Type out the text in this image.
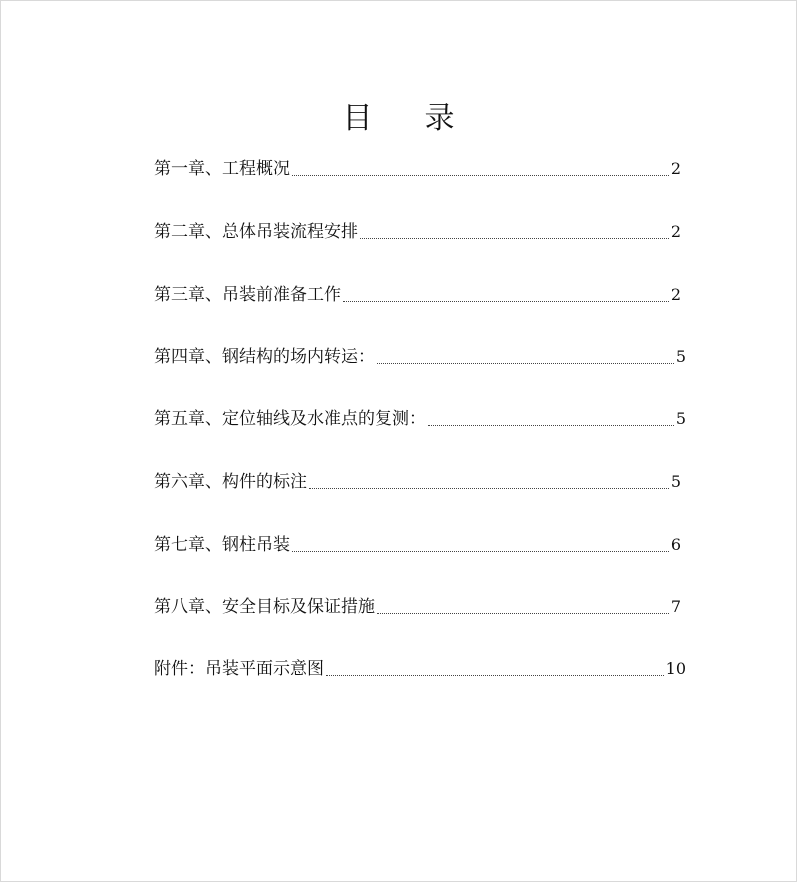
目 录
第一章、工程概况	2
第二章、总体吊装流程安排	2
第三章、吊装前准备工作	2
第四章、钢结构的场内转运：	5
第五章、定位轴线及水准点的复测：	5
第六章、构件的标注	5
第七章、钢柱吊装	6
第八章、安全目标及保证措施	7
附件：吊装平面示意图	10
